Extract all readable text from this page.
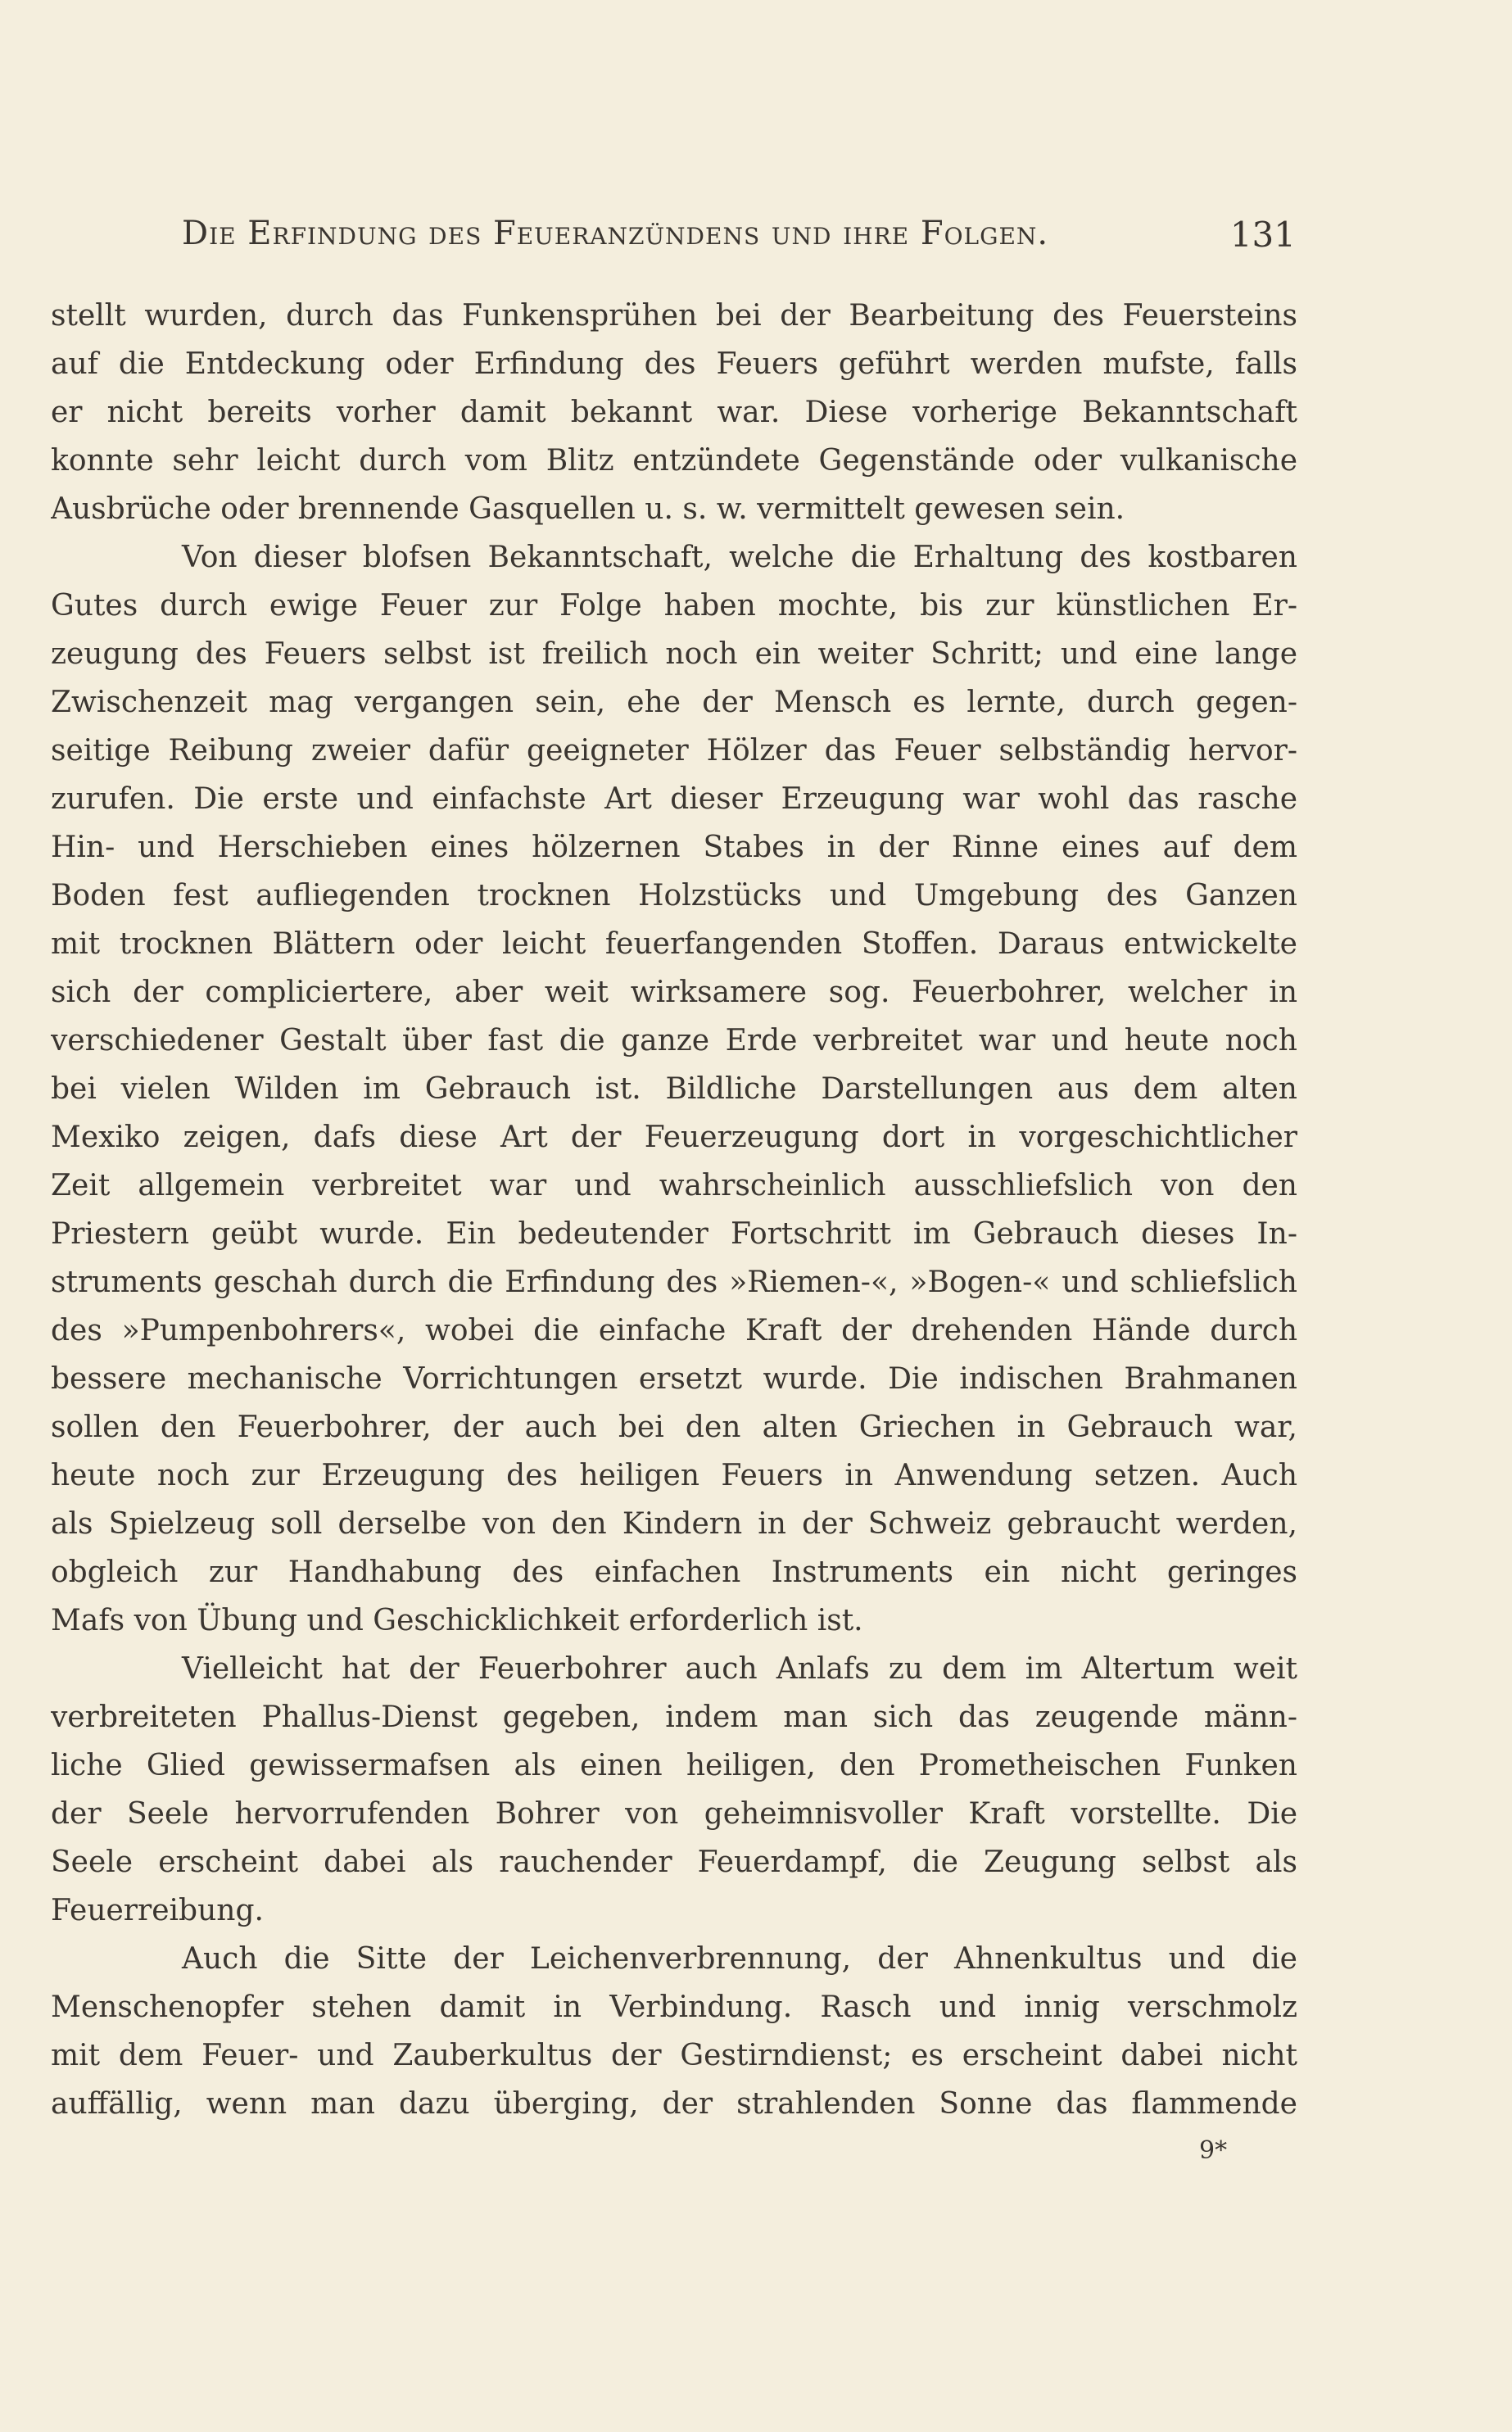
Die Erfindung des Feueranzündens und ihre Folgen.	131
stellt wurden, durch das Funkensprühen bei der Bearbeitung des Feuersteins
auf die Entdeckung oder Erfindung des Feuers geführt werden mufste, falls
er nicht bereits vorher damit bekannt war. Diese vorherige Bekanntschaft
konnte sehr leicht durch vom Blitz entzündete Gegenstände oder vulkanische
Ausbrüche oder brennende Gasquellen u. s. w. vermittelt gewesen sein.
Von dieser blofsen Bekanntschaft, welche die Erhaltung des kostbaren
Gutes durch ewige Feuer zur Folge haben mochte, bis zur künstlichen Er-
zeugung des Feuers selbst ist freilich noch ein weiter Schritt; und eine lange
Zwischenzeit mag vergangen sein, ehe der Mensch es lernte, durch gegen-
seitige Reibung zweier dafür geeigneter Hölzer das Feuer selbständig hervor-
zurufen. Die erste und einfachste Art dieser Erzeugung war wohl das rasche
Hin- und Herschieben eines hölzernen Stabes in der Rinne eines auf dem
Boden fest aufliegenden trocknen Holzstücks und Umgebung des Ganzen
mit trocknen Blättern oder leicht feuerfangenden Stoffen. Daraus entwickelte
sich der compliciertere, aber weit wirksamere sog. Feuerbohrer, welcher in
verschiedener Gestalt über fast die ganze Erde verbreitet war und heute noch
bei vielen Wilden im Gebrauch ist. Bildliche Darstellungen aus dem alten
Mexiko zeigen, dafs diese Art der Feuerzeugung dort in vorgeschichtlicher
Zeit allgemein verbreitet war und wahrscheinlich ausschliefslich von den
Priestern geübt wurde. Ein bedeutender Fortschritt im Gebrauch dieses In-
struments geschah durch die Erfindung des »Riemen-«, »Bogen-« und schliefslich
des »Pumpenbohrers«, wobei die einfache Kraft der drehenden Hände durch
bessere mechanische Vorrichtungen ersetzt wurde. Die indischen Brahmanen
sollen den Feuerbohrer, der auch bei den alten Griechen in Gebrauch war,
heute noch zur Erzeugung des heiligen Feuers in Anwendung setzen. Auch
als Spielzeug soll derselbe von den Kindern in der Schweiz gebraucht werden,
obgleich zur Handhabung des einfachen Instruments ein nicht geringes
Mafs von Übung und Geschicklichkeit erforderlich ist.
Vielleicht hat der Feuerbohrer auch Anlafs zu dem im Altertum weit
verbreiteten Phallus-Dienst gegeben, indem man sich das zeugende männ-
liche Glied gewissermafsen als einen heiligen, den Prometheischen Funken
der Seele hervorrufenden Bohrer von geheimnisvoller Kraft vorstellte. Die
Seele erscheint dabei als rauchender Feuerdampf, die Zeugung selbst als
Feuerreibung.
Auch die Sitte der Leichenverbrennung, der Ahnenkultus und die
Menschenopfer stehen damit in Verbindung. Rasch und innig verschmolz
mit dem Feuer- und Zauberkultus der Gestirndienst; es erscheint dabei nicht
auffällig, wenn man dazu überging, der strahlenden Sonne das flammende
9*
